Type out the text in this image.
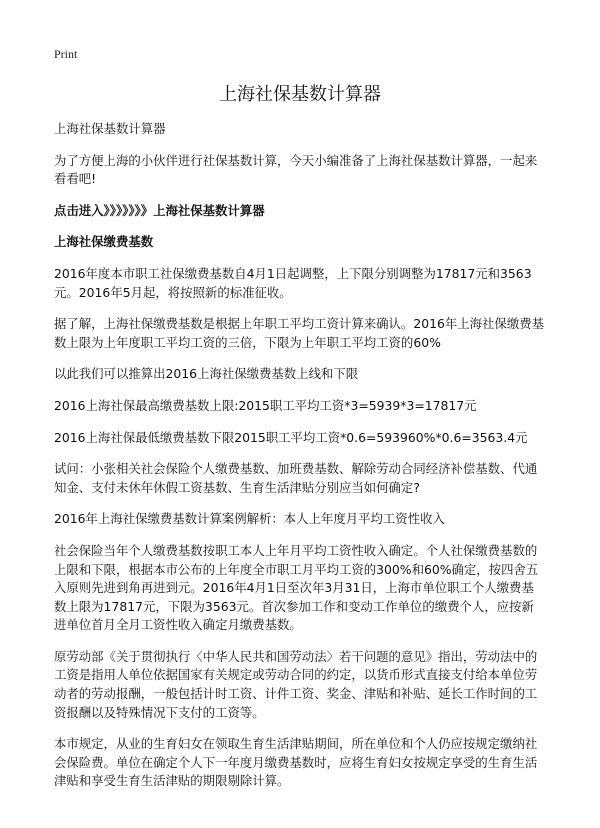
Print
上海社保基数计算器

上海社保基数计算器

为了方便上海的小伙伴进行社保基数计算，今天小编准备了上海社保基数计算器，一起来看看吧!

点击进入》》》》》》》上海社保基数计算器

上海社保缴费基数

2016年度本市职工社保缴费基数自4月1日起调整，上下限分别调整为17817元和3563元。2016年5月起，将按照新的标准征收。

据了解，上海社保缴费基数是根据上年职工平均工资计算来确认。2016年上海社保缴费基数上限为上年度职工平均工资的三倍，下限为上年职工平均工资的60%

以此我们可以推算出2016上海社保缴费基数上线和下限

2016上海社保最高缴费基数上限:2015职工平均工资*3=5939*3=17817元

2016上海社保最低缴费基数下限2015职工平均工资*0.6=593960%*0.6=3563.4元

试问：小张相关社会保险个人缴费基数、加班费基数、解除劳动合同经济补偿基数、代通知金、支付未休年休假工资基数、生育生活津贴分别应当如何确定?

2016年上海社保缴费基数计算案例解析：本人上年度月平均工资性收入

社会保险当年个人缴费基数按职工本人上年月平均工资性收入确定。个人社保缴费基数的上限和下限，根据本市公布的上年度全市职工月平均工资的300%和60%确定，按四舍五入原则先进到角再进到元。2016年4月1日至次年3月31日，上海市单位职工个人缴费基数上限为17817元，下限为3563元。首次参加工作和变动工作单位的缴费个人，应按新进单位首月全月工资性收入确定月缴费基数。

原劳动部《关于贯彻执行〈中华人民共和国劳动法〉若干问题的意见》指出，劳动法中的工资是指用人单位依据国家有关规定或劳动合同的约定，以货币形式直接支付给本单位劳动者的劳动报酬，一般包括计时工资、计件工资、奖金、津贴和补贴、延长工作时间的工资报酬以及特殊情况下支付的工资等。

本市规定，从业的生育妇女在领取生育生活津贴期间，所在单位和个人仍应按规定缴纳社会保险费。单位在确定个人下一年度月缴费基数时，应将生育妇女按规定享受的生育生活津贴和享受生育生活津贴的期限剔除计算。
